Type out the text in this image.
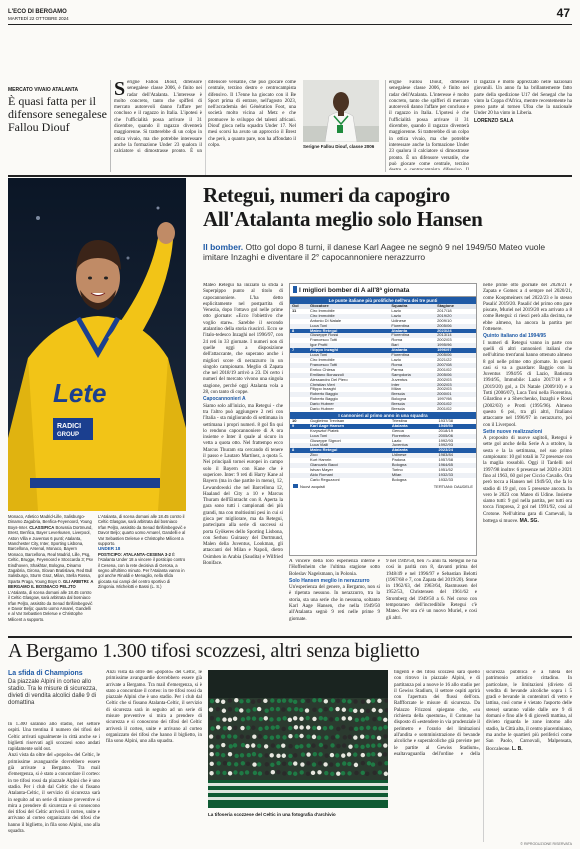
L'ECO DI BERGAMO
MARTEDÌ 22 OTTOBRE 2024	47
MERCATO VIVAIO ATALANTA
È quasi fatta per il difensore senegalese Fallou Diouf
Serigne Fallou Diouf, difensore senegalese classe 2006, è finito nei radar dell'Atalanta. L'interesse è molto concreto, tanto che spifferi di mercato autorevoli danno l'affare per concluso e il ragazzo in Italia. L'ipotesi è che l'ufficialità possa arrivare il 31 dicembre, quando il ragazzo diventerà maggiorenne. Si tratterebbe di un colpo in ottica vivaio, ma che potrebbe interessare anche la formazione Under 23 qualora il calciatore si dimostrasse pronto. È un difensore versatile, che può giocare come centrale, terzino destro e centrocampista difensivo. Il 17enne ha giocato con il Be Sport prima di entrare, nell'agosto 2023, nell'accademia dei Génération Foot, una società molto vicina al Metz e che promuove lo sviluppo del talenti africani. Diouf gioca nella squadra Under 17. Nel mesi scorsi ha avuto un approccio il Brest che però, a quanto pare, non ha affondato il colpo.	Serigne Fallou Diouf, classe 2006
Il ragazzo è molto apprezzato nelle nazionali giovanili. Un anno fa ha brillantemente fatto parte della spedizione U17 del Senegal che ha vinto la Coppa d'Africa, mentre recentemente ha preso parte al torneo Ufoa che la nazionale Under 20 ha vinto in Liberia.
LORENZO SALA
erigne Fallou Diouf, difensore senegalese classe 2006, è finito nei radar dell'Atalanta. L'interesse è molto concreto, tanto che spifferi di mercato autorevoli danno l'affare per concluso e il ragazzo in Italia. L'ipotesi è che l'ufficialità possa arrivare il 31 dicembre, quando il ragazzo diventerà maggiorenne. Si tratterebbe di un colpo in ottica vivaio, ma che potrebbe interessare anche la formazione Under 23 qualora il calciatore si dimostrasse pronto. È un difensore versatile, che può giocare come centrale, terzino
Lete
RADICI
GROUP
Monaco, Atletico Madrid-Lille, Salisburgo-Dinamo Zagabria, Benfica-Feyenoord, Young Boys-Inter. CLASSIFICA Borussia Dortmund, Brest, Benfica, Bayer Leverkusen, Liverpool, Aston Villa e Juventus 6 punti; Atalanta, Manchester City, Inter, Sporting Lisbona, Barcellona, Arsenal, Monaco, Bayern Monaco, Barcellona, Real Madrid, Lille, Psg, Celtic, Brugge, Feyenoord e Stoccarda 3; Psv Eindhoven, Shakhtar, Bologna, Dinamo Zagabria, Girona, Slovan Bratislava, Red Bull Salisburgo, Sturm Graz, Milan, Stella Rossa, Sparta Praga, Young Boys 0. GLI ARBITRI: A BERGAMO IL BOSNIACO PELJTO L'Atalanta, di scena domani alle 18.45 contro il Celtic Glasgow, sarà arbitrata dal bosniaco Irfan Peljto, assistito da Senad Ibrišimbegović e Davor Beljo; quarto uomo Amarel, Gandelli e al Var Sebastien Delerue e Christophe Milicent a supporto.
L'Atalanta, di scena domani alle 18.45 contro il Celtic Glasgow, sarà arbitrata dal bosniaco Irfan Peljto, assistito da Senad Ibrišimbegović e Davor Beljo; quarto uomo Amarel, Gandelli e al Var Sebastien Delerue e Christophe Milicent a supporto.
UNDER 18
POSTICIPO: ATALANTA-CESENA 3-2 È l'Atalanta Under 18 a vincere il posticipo contro il Cesena, con la rete decisiva di Gerosa, a segno all'ultimo minuto. Per l'Atalanta vanno in gol anche Rinaldi e Menaglio, nella sfida giocata sui campi del centro sportivo di Zingonia. Michelotti e Bassi (L. S.)
Retegui, numeri da capogiro
All'Atalanta meglio solo Hansen
Il bomber. Otto gol dopo 8 turni, il danese Karl Aagee ne segnò 9 nel 1949/50 Mateo vuole imitare Inzaghi e diventare il 2° capocannoniere nerazzurro
Mateo Retegui ha iniziato la sfida a Superpippo punto al titolo di capocannoniere. L'ha detto esplicitamente nel postpartita di Venezia, dopo l'ottavo gol nelle prime otto giornate: «Ecco l'obiettivo che voglio stare». Sarebbe il secondo atalantino della storia riuscirci. Ecco se l'italo-tedesco Inzaghi nel 1996/97, con 24 reti in 33 giornate. I numeri non di quelle oggi a disposizione dell'attaccante, che superano anche i migliori score di nerazzurro in un singolo campionato. Meglio di Zapata che nel 2018/19 arrivò a 23. Di certo i numeri del mercato vivono una singola stagione, perché oggi Atalanta vola a 28, con tanto di coppe.
Capocannonieri A
Siamo solo all'inizio, ma Retegui - che tra l'altro può aggiungere 2 reti con l'Italia - sta migliorando di settimana in settimana i propri numeri. 8 gol fin qui lo rendono capocannoniere di A ora insieme e Inter il quale al sicuro in vetta a quota otto. Nel frattempo ecco Marcus Thuram sta cercando di tenere il passo e Lautaro Martínez, a quota 5. Nei principali tornei europei in campo solo il Bayern con Kane che è superiore. Inter: 9 reti di Harry Kane al Bayern (ma in due partite in meno), 12, Lewandowski che nel Barcellona 12, Haaland del City a 10 e Marcus Thuram dell'Eintracht con 8. Aperta la gara sono tutti i campionati dei più grandi, ma con moltissimi pesi in cui si gioca per migliorare, ma da Retegui, partecipato alla serie di successi si porta Gyökeres dello Sporting Lisbona, con Serhou Guirassy del Dortmund, Malen della Juventus, Lookman, gli attaccanti del Milan e Napoli, dietro Osimhen in Arabia (Saudita) e Wilfried Boniface.
I migliori bomber di A all'8ª giornata
Le punte italiane più prolifiche nell'era dei tre punti
Gol	Giocatore	Squadra	Stagione
11	Ciro Immobile	Lazio	2017/18
	Ciro Immobile	Lazio	2019/20
	Antonio Di Natale	Udinese	2009/10
	Luca Toni	Fiorentina	2005/06
8	Mateo Retegui	Atalanta	2023/24
	Giuseppe Rossi	Fiorentina	2013/14
	Francesco Totti	Roma	2002/03
	Igor Protti	Bari	1995/96
7	Filippo Inzaghi	Atalanta	1996/97
	Luca Toni	Fiorentina	2005/06
	Ciro Immobile	Lazio	2021/22
	Francesco Totti	Roma	2007/08
	Enrico Chiesa	Parma	2001/02
	Emiliano Bonazzoli	Sampdoria	2005/06
	Alessandro Del Piero	Juventus	2002/03
	Christian Vieri	Inter	2002/03
	Filippo Inzaghi	Milan	2002/03
	Roberto Baggio	Brescia	2000/01
	Roberto Baggio	Bologna	1997/98
	Dario Hubner	Brescia	2001/02
	Dario Hubner	Brescia	2001/02
I cannonieri al primo anno in una squadra
10	Guglielmo Trevisan	Triestina	1937/38
9	Karl Aage Hansen	Atalanta	1949/50
	Krzysztof Piatek	Genoa	2018/19
	Luca Toni	Fiorentina	2005/06
	Giuseppe Signori	Lazio	1992/93
	Luca Vialli	Juventus	1992/93
8	Mateo Retegui	Atalanta	2023/24
	Zico	Udinese	1983/84
	Kurt Hamrin	Padova	1957/58
	Giancarlo Bacci	Bologna	1964/65
	Istvan Mayer	Torino	1951/52
	Aldo Romani	Milan	1932/33
	Carlo Reguzzoni	Bologna	1932/33
Nuovi acquisti	TERTIANI: DAUDELE
A vincere della loro esperienza interne è l'Hoffenheim che l'ultima stagione sotto Boleslav Nagelsmann, in Polonia.
Solo Hansen meglio in nerazzurro
Un'esperienza del genere, a Bergamo, non si è ripetuta nessuno. In nerazzurro, tra la storia, sta una serie che in nessuna, soltanto Karl Aage Hansen, che nella 1949/50 all'Atalanta segnò 9 reti nelle prime 9 giornate.
9 nel 1949/50, ben 75 anni fa. Retegui ne ha così in parità con 8, davanti prima del 1948/49 e nel 1996/97 e Sebastian Belotti (1967/68 e 7, con Zapata del 2019/20). Stone in 1962/63, del 1963/64, Rasmussen del 1952/53, Christensen del 1961/62 e Stromberg del 1949/50 a 6. Nel corso con temporaneo dell'incredibile Retegui c'è Mateo. Per ora c'è un nuovo Muriel, e così gli altri.
nelle prime otto giornate del 2020/21 e Zapata e Gomez a 4 sempre nel 2020/21, come Koopmeiners nel 2022/23 e lo stesso Pasalić 2019/20. Pasalić del primo otto gare piscate, Muriel nel 2019/20 era arrivato a 8 come Retegui: ci riesci però alla decima, ne ebbe almeno, ha ancora la partita per l'ottenere.
Quinto italiano dal 1994/95
I numeri di Retegui vanno in parte con quelli di altri cannonieri italiani che nell'ultimo trent'anni hanno ottenuto almeno 8 gol nelle prime otto giornate. In questi casi si va a guardare: Baggio con la Juventus 1994/95 di Lazio, Batistuta 1994/95, Immobile: Lazio 2017/18 e 9 (2019/20) gol, a Di Natale (2009/10) e a Totti (2006/07), Luca Toni nella Fiorentina, Gilardino e a Shevchenko, Inzaghi e Rossi (2002/03) e Protti (1995/96). Almeno questo 6 poi, tra gli altri, l'italiano attaccante nel 1996/97 in nerazzurro, poi con il Liverpool.
Sette nuove realizzazioni
A proposito di nuove sagitoli, Retegui è sette gol anche della Serie A a ottobre, la sesta e la la settimana, nel suo primo campionato: 10 gol totali in 72 presenze con la maglia rossoblù. Oggi il Tardelli nel 1997/98 inoltre: 6 presenze nel 2020 e 2021 fino al 1963, 60 gol per Ciccio Cavallo. Ora però tocca a Hansen nel 1949/50, che fa lo stadio di 19 gol, con 5 presenze ancora. In vero le 2023 con Mateo di Udine. Insieme siamo tutti: 9 gol nella partita, per tutti ora tocca l'impresa, 2 gol nel 1991/92, così al Crotone. Nell'ultima gara di Carnevali, la bottega si muove. MA. SG.
A Bergamo 1.300 tifosi scozzesi, altri senza biglietto
La sfida di Champions
Da piazzale Alpini in corteo allo stadio. Tra le misure di sicurezza, divieti di vendita alcolici dalle 9 di domattina
In 1.300 saranno allo stadio, nel settore ospiti. Una trentina il numero dei tifosi del Celtic arrivati ugualmente in città anche se i biglietti riservati agli scozzesi sono andati rapidamente sold out.
Anzi vista da oltre del «popolo» del Celtic, le primissime avanguardie dovrebbero essere già arrivate a Bergamo. Tra mail d'emergenza, si è stato a concordare il corteo: in tre tifosi rossi da piazzale Alpini che è uno stadio. Per i club dal Celtic che si fissano Atalanta-Celtic, il servizio di sicurezza sarà in seguito ad un serie di misure preventive si mira a prendere di sicurezza e si conoscono dei tifosi del Celtic arriverà il corteo, unite e arrivano al corteo organizzato dei tifosi che hanno il biglietto, in fila sono Alpini, uno alla squadra.
Anzi vista da oltre del «popolo» del Celtic, le primissime avanguardie dovrebbero essere già arrivate a Bergamo. Tra mail d'emergenza, si è stato a concordare il corteo: in tre tifosi rossi da piazzale Alpini che è uno stadio. Per i club dal Celtic che si fissano Atalanta-Celtic, il servizio di sicurezza sarà in seguito ad un serie di misure preventive si mira a prendere di sicurezza e si conoscono dei tifosi del Celtic arriverà il corteo, unite e arrivano al corteo organizzato dei tifosi che hanno il biglietto, in fila sono Alpini, uno alla squadra.
La tifoseria scozzese del Celtic in una fotografia d'archivio
tingenti e dei tifosi scozzesi sarà quello con ritrovo in piazzale Alpini, e di partitanza poi a nuove le 16 allo stadio per il Gewiss Stadium, il settore ospiti aprirà con l'apertura dei flussi dell'ora. Raffforzate le misure di sicurezza. Da Palazzo Frizzoni spiegano che, «su richiesta della questura», il Comune ha disposto di «estendere in via prudenziale il perimetro e l'orario del limitazioni all'andita e somministrazione di bevande alcoliche e superalcoliche già previste per le partite al Gewiss Stadium», esaltavaguardia dell'ordine e della sicurezza pubblica e a tutela del patrimonio artistico cittadino. In particolare, le limitazioni (divieto di vendita di bevande alcoliche sopra i 5 gradi e bevande in contenitori di vetro e lattina, così come è vietato l'asporto delle stesse) saranno valide dalle ore 9 di domani e fino alle 6 di giovedì mattina, al divieto riguarda le zone intorno allo stadio, la Città alta, il centro piacentiniano, ma anche le quartieri più periferici come San Paolo, Carnovali, Malpensata, Boccaleone. L. B.
© RIPRODUZIONE RISERVATA
